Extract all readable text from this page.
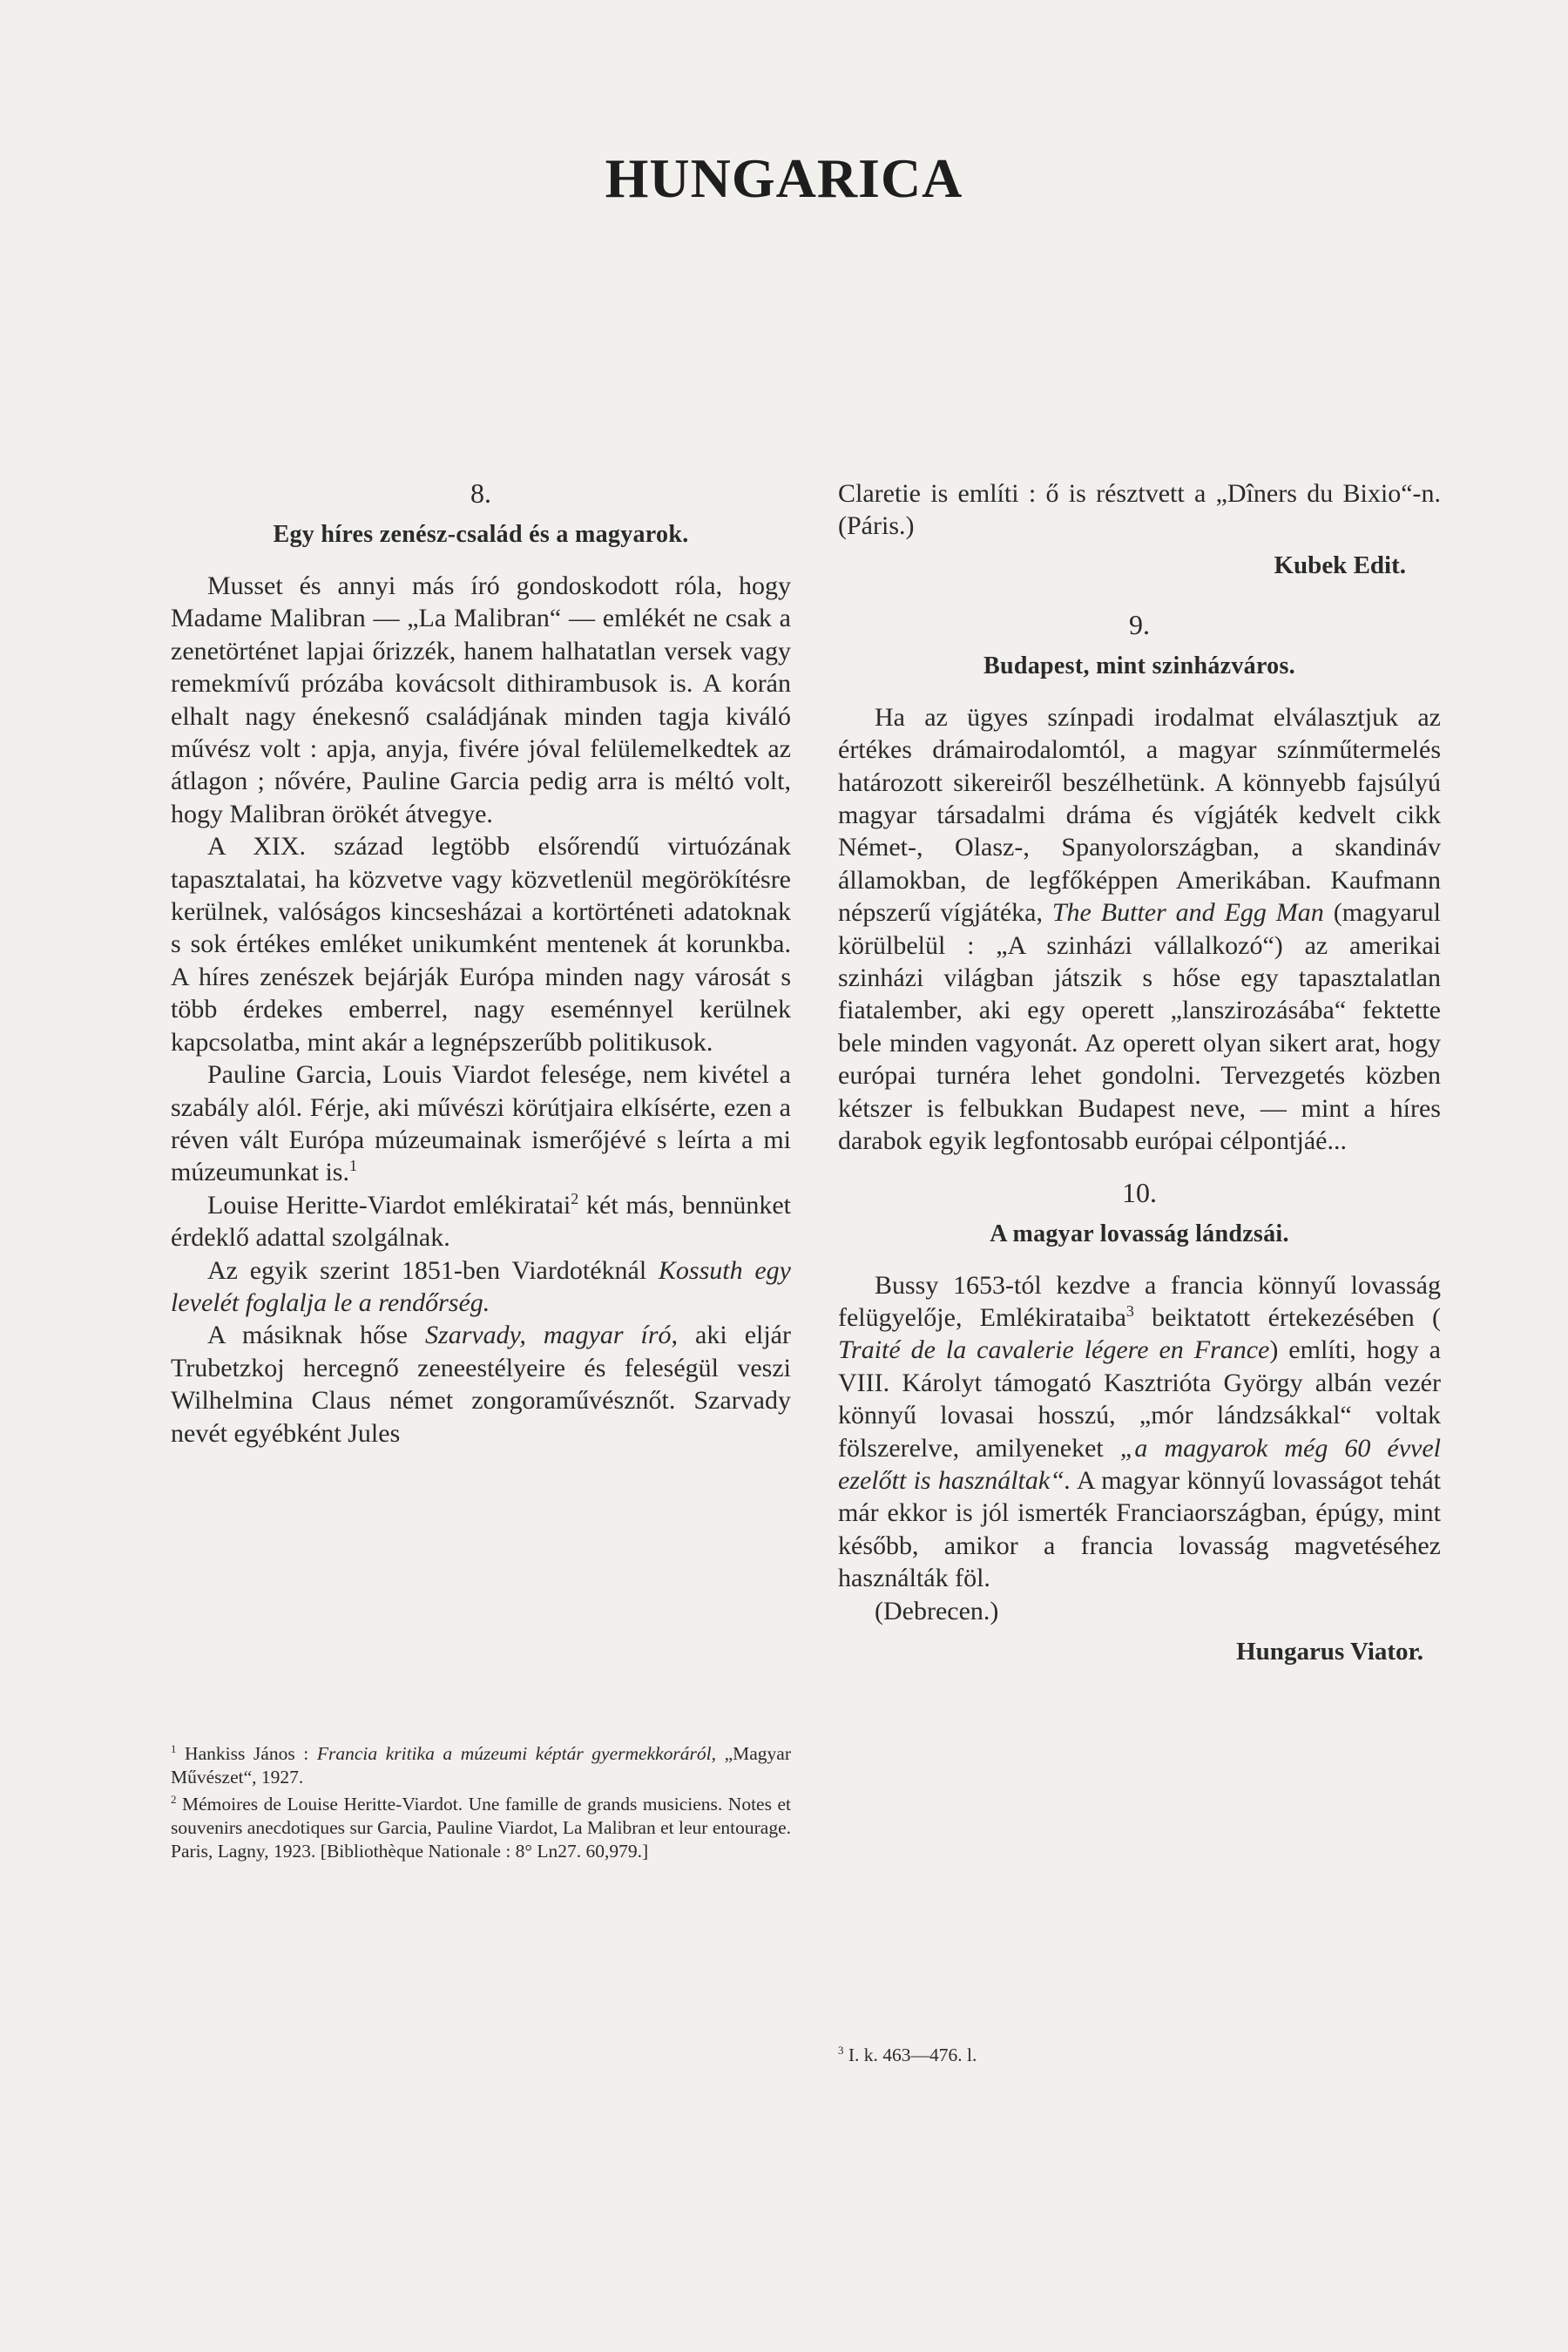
HUNGARICA
8.
Egy híres zenész-család és a magyarok.

Musset és annyi más író gondoskodott róla, hogy Madame Malibran — „La Malibran“ — emlékét ne csak a zenetörténet lapjai őrizzék, hanem halhatatlan versek vagy remekmívű prózába kovácsolt dithirambusok is. A korán elhalt nagy énekesnő családjának minden tagja kiváló művész volt : apja, anyja, fivére jóval felülemelkedtek az átlagon ; nővére, Pauline Garcia pedig arra is méltó volt, hogy Malibran örökét átvegye.

A XIX. század legtöbb elsőrendű virtuózának tapasztalatai, ha közvetve vagy közvetlenül megörökítésre kerülnek, valóságos kincsesházai a kortörténeti adatoknak s sok értékes emléket unikumként mentenek át korunkba. A híres zenészek bejárják Európa minden nagy városát s több érdekes emberrel, nagy eseménnyel kerülnek kapcsolatba, mint akár a legnépszerűbb politikusok.

Pauline Garcia, Louis Viardot felesége, nem kivétel a szabály alól. Férje, aki művészi körútjaira elkísérte, ezen a réven vált Európa múzeumainak ismerőjévé s leírta a mi múzeumunkat is.$^1$

Louise Heritte-Viardot emlékiratai$^2$ két más, bennünket érdeklő adattal szolgálnak.

Az egyik szerint 1851-ben Viardotéknál Kossuth egy levelét foglalja le a rendőrség.

A másiknak hőse Szarvady, magyar író, aki eljár Trubetzkoj hercegnő zeneestélyeire és feleségül veszi Wilhelmina Claus német zongoraművésznőt. Szarvady nevét egyébként Jules

$^1$ Hankiss János : Francia kritika a múzeumi képtár gyermekkoráról, „Magyar Művészet“, 1927.
$^2$ Mémoires de Louise Heritte-Viardot. Une famille de grands musiciens. Notes et souvenirs anecdotiques sur Garcia, Pauline Viardot, La Malibran et leur entourage. Paris, Lagny, 1923. [Bibliothèque Nationale : 8° Ln27. 60,979.]

Claretie is említi : ő is résztvett a „Dîners du Bixio“-n. (Páris.)

Kubek Edit.
9.
Budapest, mint szinházváros.

Ha az ügyes színpadi irodalmat elválasztjuk az értékes drámairodalomtól, a magyar színműtermelés határozott sikereiről beszélhetünk. A könnyebb fajsúlyú magyar társadalmi dráma és vígjáték kedvelt cikk Német-, Olasz-, Spanyolországban, a skandináv államokban, de legfőképpen Amerikában. Kaufmann népszerű vígjátéka, The Butter and Egg Man (magyarul körülbelül : „A szinházi vállalkozó“) az amerikai szinházi világban játszik s hőse egy tapasztalatlan fiatalember, aki egy operett „lanszirozásába“ fektette bele minden vagyonát. Az operett olyan sikert arat, hogy európai turnéra lehet gondolni. Tervezgetés közben kétszer is felbukkan Budapest neve, — mint a híres darabok egyik legfontosabb európai célpontjáé...

10.
A magyar lovasság lándzsái.

Bussy 1653-tól kezdve a francia könnyű lovasság felügyelője, Emlékirataiba$^3$ beiktatott értekezésében ( Traité de la cavalerie légere en France) említi, hogy a VIII. Károlyt támogató Kasztrióta György albán vezér könnyű lovasai hosszú, „mór lándzsákkal“ voltak fölszerelve, amilyeneket „a magyarok még 60 évvel ezelőtt is használtak“. A magyar könnyű lovasságot tehát már ekkor is jól ismerték Franciaországban, épúgy, mint később, amikor a francia lovasság magvetéséhez használták föl.

(Debrecen.)

Hungarus Viator.
$^3$ I. k. 463—476. l.
